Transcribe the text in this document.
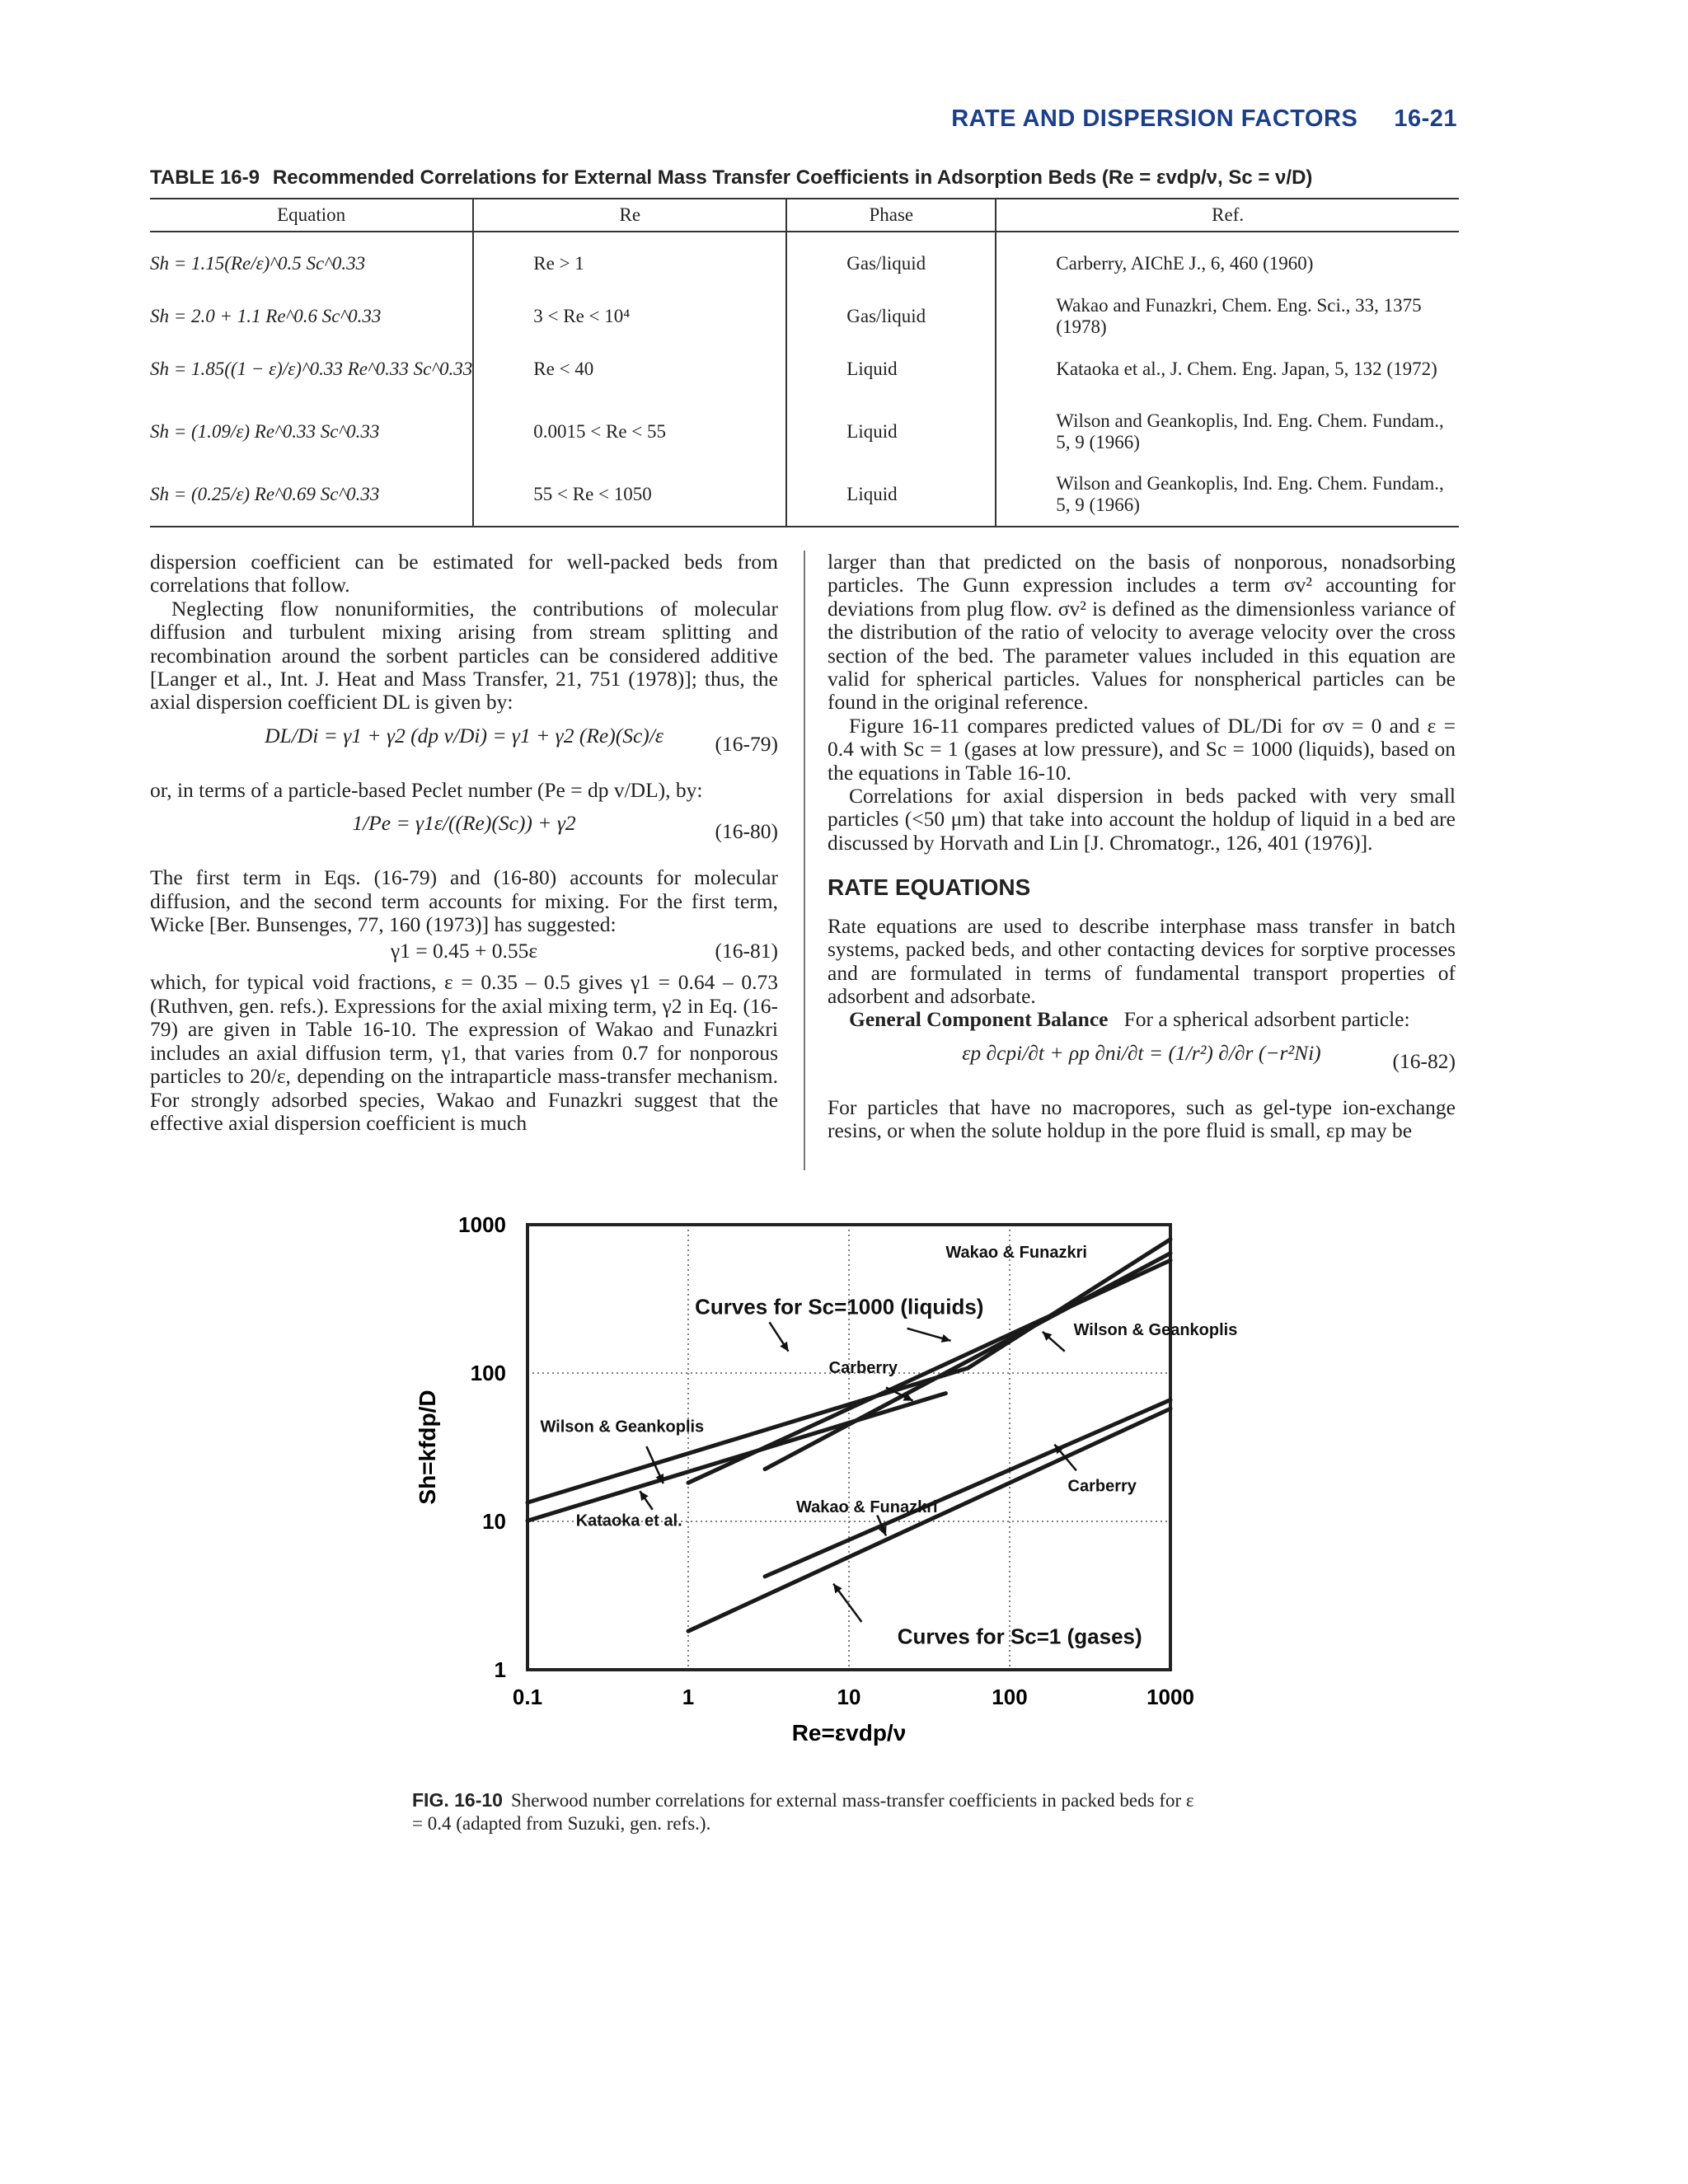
RATE AND DISPERSION FACTORS 16-21
TABLE 16-9 Recommended Correlations for External Mass Transfer Coefficients in Adsorption Beds (Re = εvdp/ν, Sc = ν/D)
Equation	Re	Phase	Ref.
Sh = 1.15(Re/ε)^0.5 Sc^0.33	Re > 1	Gas/liquid	Carberry, AIChE J., 6, 460 (1960)
Sh = 2.0 + 1.1 Re^0.6 Sc^0.33	3 < Re < 10⁴	Gas/liquid	Wakao and Funazkri, Chem. Eng. Sci., 33, 1375 (1978)
Sh = 1.85((1 − ε)/ε)^0.33 Re^0.33 Sc^0.33	Re < 40	Liquid	Kataoka et al., J. Chem. Eng. Japan, 5, 132 (1972)
Sh = (1.09/ε) Re^0.33 Sc^0.33	0.0015 < Re < 55	Liquid	Wilson and Geankoplis, Ind. Eng. Chem. Fundam., 5, 9 (1966)
Sh = (0.25/ε) Re^0.69 Sc^0.33	55 < Re < 1050	Liquid	Wilson and Geankoplis, Ind. Eng. Chem. Fundam., 5, 9 (1966)

dispersion coefficient can be estimated for well-packed beds from correlations that follow.

Neglecting flow nonuniformities, the contributions of molecular diffusion and turbulent mixing arising from stream splitting and recombination around the sorbent particles can be considered additive [Langer et al., Int. J. Heat and Mass Transfer, 21, 751 (1978)]; thus, the axial dispersion coefficient DL is given by:

DL/Di = γ1 + γ2 (dp v/Di) = γ1 + γ2 (Re)(Sc)/ε	(16-79)

or, in terms of a particle-based Peclet number (Pe = dp v/DL), by:

1/Pe = γ1ε/((Re)(Sc)) + γ2	(16-80)

The first term in Eqs. (16-79) and (16-80) accounts for molecular diffusion, and the second term accounts for mixing. For the first term, Wicke [Ber. Bunsenges, 77, 160 (1973)] has suggested:

γ1 = 0.45 + 0.55ε	(16-81)

which, for typical void fractions, ε = 0.35 – 0.5 gives γ1 = 0.64 – 0.73 (Ruthven, gen. refs.). Expressions for the axial mixing term, γ2 in Eq. (16-79) are given in Table 16-10. The expression of Wakao and Funazkri includes an axial diffusion term, γ1, that varies from 0.7 for nonporous particles to 20/ε, depending on the intraparticle mass-transfer mechanism. For strongly adsorbed species, Wakao and Funazkri suggest that the effective axial dispersion coefficient is much

larger than that predicted on the basis of nonporous, nonadsorbing particles. The Gunn expression includes a term σv² accounting for deviations from plug flow. σv² is defined as the dimensionless variance of the distribution of the ratio of velocity to average velocity over the cross section of the bed. The parameter values included in this equation are valid for spherical particles. Values for nonspherical particles can be found in the original reference.

Figure 16-11 compares predicted values of DL/Di for σv = 0 and ε = 0.4 with Sc = 1 (gases at low pressure), and Sc = 1000 (liquids), based on the equations in Table 16-10.

Correlations for axial dispersion in beds packed with very small particles (<50 μm) that take into account the holdup of liquid in a bed are discussed by Horvath and Lin [J. Chromatogr., 126, 401 (1976)].

RATE EQUATIONS

Rate equations are used to describe interphase mass transfer in batch systems, packed beds, and other contacting devices for sorptive processes and are formulated in terms of fundamental transport properties of adsorbent and adsorbate.

General Component Balance For a spherical adsorbent particle:

εp ∂cpi/∂t + ρp ∂ni/∂t = (1/r²) ∂/∂r (−r²Ni)	(16-82)

For particles that have no macropores, such as gel-type ion-exchange resins, or when the solute holdup in the pore fluid is small, εp may be

0.1	1	10	100	1000
1
10
100
1000
Re=εvdp/ν
Sh=kfdp/D
Curves for Sc=1000 (liquids)
Curves for Sc=1 (gases)
Wakao & Funazkri
Wilson & Geankoplis
Carberry
Wilson & Geankoplis
Kataoka et al.
Wakao & Funazkri
Carberry
FIG. 16-10 Sherwood number correlations for external mass-transfer coefficients in packed beds for ε = 0.4 (adapted from Suzuki, gen. refs.).
